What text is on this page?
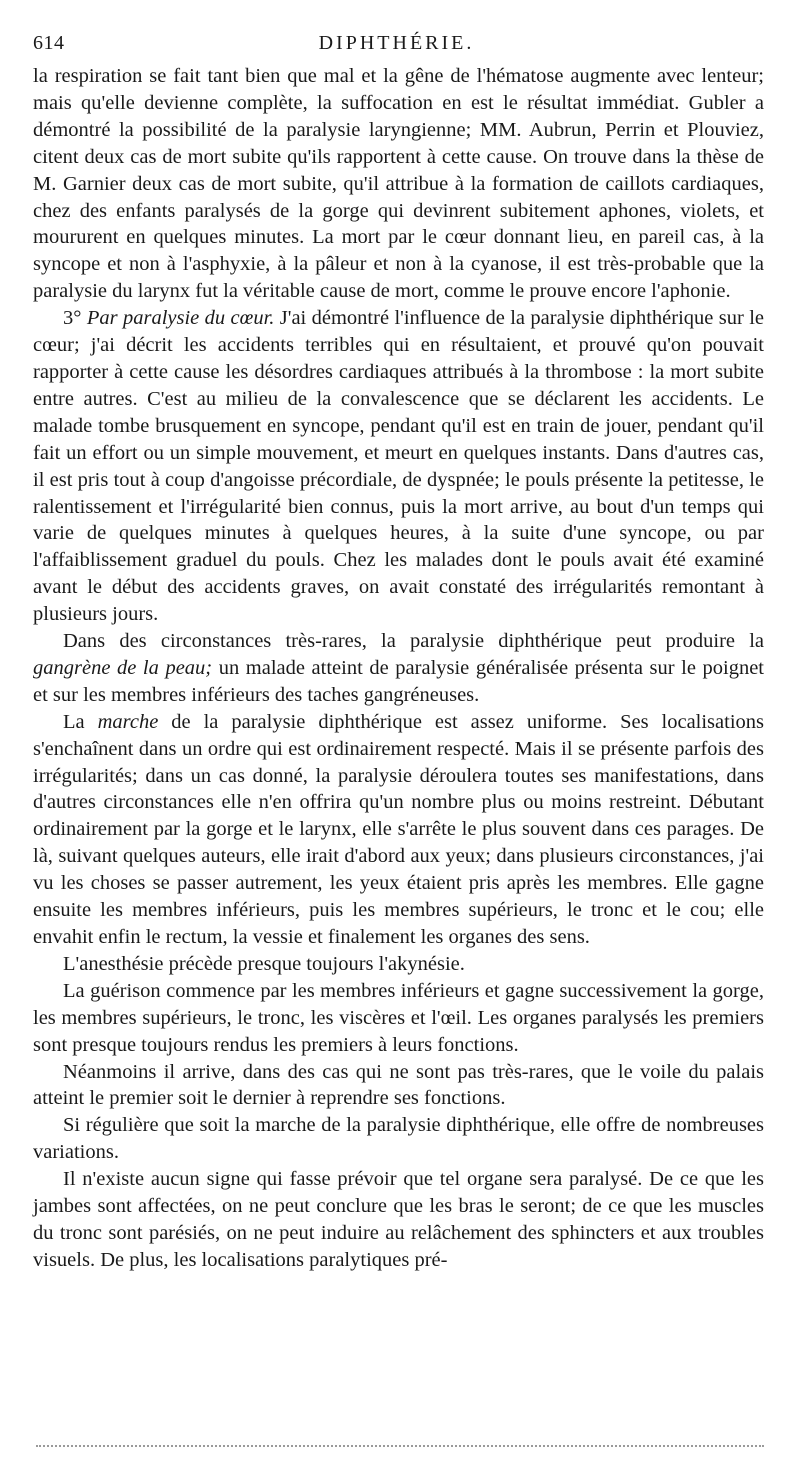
614	DIPHTHÉRIE.

la respiration se fait tant bien que mal et la gêne de l'hématose augmente avec lenteur; mais qu'elle devienne complète, la suffocation en est le résultat immédiat. Gubler a démontré la possibilité de la paralysie laryngienne; MM. Aubrun, Perrin et Plouviez, citent deux cas de mort subite qu'ils rapportent à cette cause. On trouve dans la thèse de M. Garnier deux cas de mort subite, qu'il attribue à la formation de caillots cardiaques, chez des enfants paralysés de la gorge qui devinrent subitement aphones, violets, et moururent en quelques minutes. La mort par le cœur donnant lieu, en pareil cas, à la syncope et non à l'asphyxie, à la pâleur et non à la cyanose, il est très-probable que la paralysie du larynx fut la véritable cause de mort, comme le prouve encore l'aphonie.

3° Par paralysie du cœur. J'ai démontré l'influence de la paralysie diphthérique sur le cœur; j'ai décrit les accidents terribles qui en résultaient, et prouvé qu'on pouvait rapporter à cette cause les désordres cardiaques attribués à la thrombose : la mort subite entre autres. C'est au milieu de la convalescence que se déclarent les accidents. Le malade tombe brusquement en syncope, pendant qu'il est en train de jouer, pendant qu'il fait un effort ou un simple mouvement, et meurt en quelques instants. Dans d'autres cas, il est pris tout à coup d'angoisse précordiale, de dyspnée; le pouls présente la petitesse, le ralentissement et l'irrégularité bien connus, puis la mort arrive, au bout d'un temps qui varie de quelques minutes à quelques heures, à la suite d'une syncope, ou par l'affaiblissement graduel du pouls. Chez les malades dont le pouls avait été examiné avant le début des accidents graves, on avait constaté des irrégularités remontant à plusieurs jours.

Dans des circonstances très-rares, la paralysie diphthérique peut produire la gangrène de la peau; un malade atteint de paralysie généralisée présenta sur le poignet et sur les membres inférieurs des taches gangréneuses.

La marche de la paralysie diphthérique est assez uniforme. Ses localisations s'enchaînent dans un ordre qui est ordinairement respecté. Mais il se présente parfois des irrégularités; dans un cas donné, la paralysie déroulera toutes ses manifestations, dans d'autres circonstances elle n'en offrira qu'un nombre plus ou moins restreint. Débutant ordinairement par la gorge et le larynx, elle s'arrête le plus souvent dans ces parages. De là, suivant quelques auteurs, elle irait d'abord aux yeux; dans plusieurs circonstances, j'ai vu les choses se passer autrement, les yeux étaient pris après les membres. Elle gagne ensuite les membres inférieurs, puis les membres supérieurs, le tronc et le cou; elle envahit enfin le rectum, la vessie et finalement les organes des sens.

L'anesthésie précède presque toujours l'akynésie.

La guérison commence par les membres inférieurs et gagne successivement la gorge, les membres supérieurs, le tronc, les viscères et l'œil. Les organes paralysés les premiers sont presque toujours rendus les premiers à leurs fonctions.

Néanmoins il arrive, dans des cas qui ne sont pas très-rares, que le voile du palais atteint le premier soit le dernier à reprendre ses fonctions.

Si régulière que soit la marche de la paralysie diphthérique, elle offre de nombreuses variations.

Il n'existe aucun signe qui fasse prévoir que tel organe sera paralysé. De ce que les jambes sont affectées, on ne peut conclure que les bras le seront; de ce que les muscles du tronc sont parésiés, on ne peut induire au relâchement des sphincters et aux troubles visuels. De plus, les localisations paralytiques pré-
